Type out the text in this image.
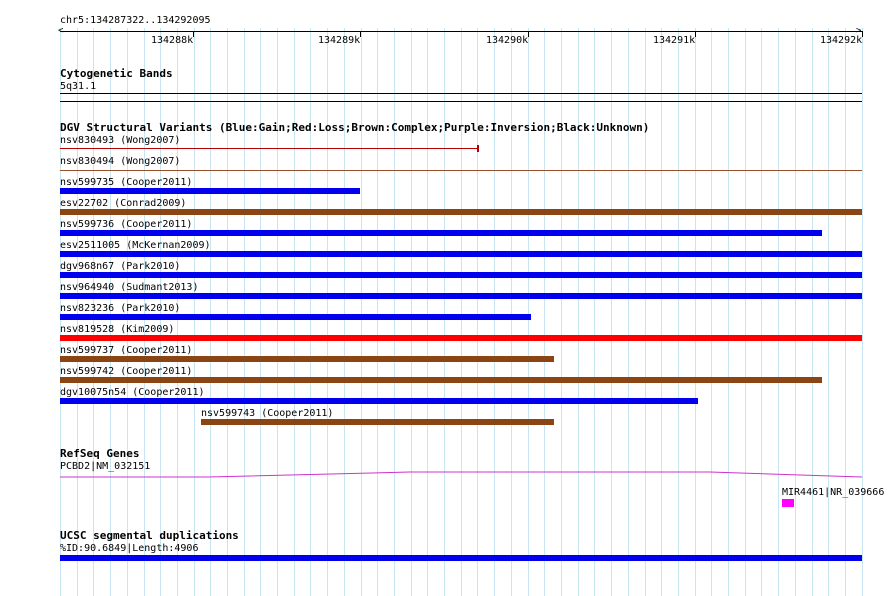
chr5:134287322..134292095
<	>
134288k	134289k	134290k	134291k	134292k
Cytogenetic Bands
5q31.1
DGV Structural Variants (Blue:Gain;Red:Loss;Brown:Complex;Purple:Inversion;Black:Unknown)
nsv830493 (Wong2007)
nsv830494 (Wong2007)
nsv599735 (Cooper2011)
esv22702 (Conrad2009)
nsv599736 (Cooper2011)
esv2511005 (McKernan2009)
dgv968n67 (Park2010)
nsv964940 (Sudmant2013)
nsv823236 (Park2010)
nsv819528 (Kim2009)
nsv599737 (Cooper2011)
nsv599742 (Cooper2011)
dgv10075n54 (Cooper2011)
nsv599743 (Cooper2011)
RefSeq Genes
PCBD2|NM_032151
MIR4461|NR_039666
UCSC segmental duplications
%ID:90.6849|Length:4906
